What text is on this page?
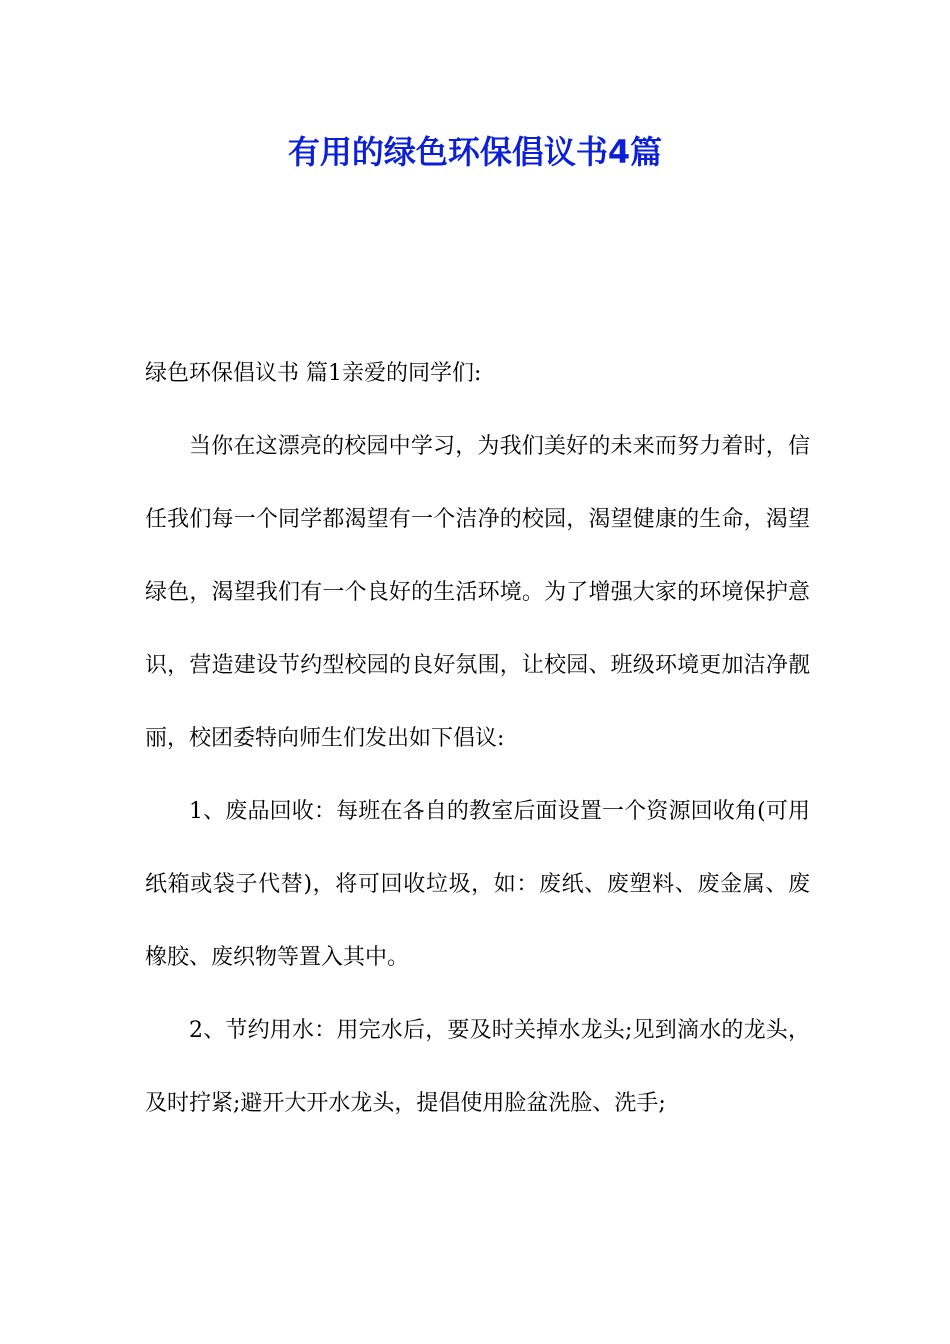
有用的绿色环保倡议书4篇

绿色环保倡议书 篇1亲爱的同学们:

当你在这漂亮的校园中学习，为我们美好的未来而努力着时，信任我们每一个同学都渴望有一个洁净的校园，渴望健康的生命，渴望绿色，渴望我们有一个良好的生活环境。为了增强大家的环境保护意识，营造建设节约型校园的良好氛围，让校园、班级环境更加洁净靓丽，校团委特向师生们发出如下倡议:

1、废品回收：每班在各自的教室后面设置一个资源回收角(可用纸箱或袋子代替)，将可回收垃圾，如：废纸、废塑料、废金属、废橡胶、废织物等置入其中。

2、节约用水：用完水后，要及时关掉水龙头;见到滴水的龙头，及时拧紧;避开大开水龙头，提倡使用脸盆洗脸、洗手;
